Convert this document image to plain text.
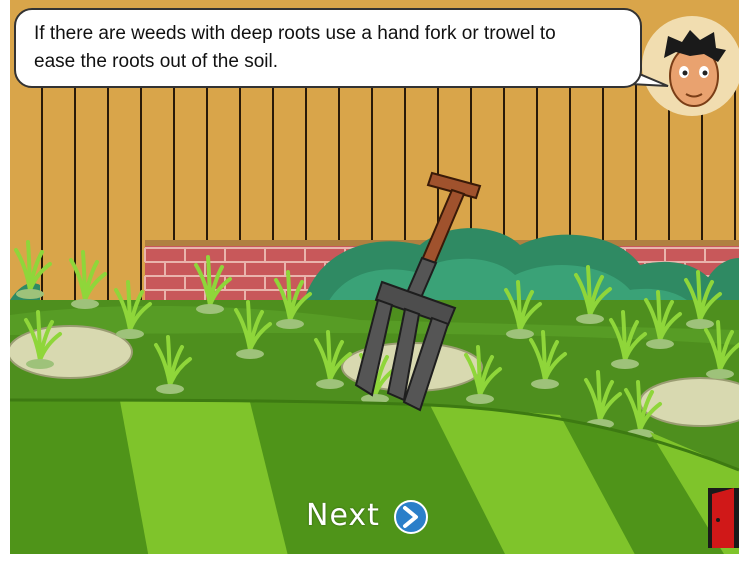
If there are weeds with deep roots use a hand fork or trowel to
ease the roots out of the soil.
Next
